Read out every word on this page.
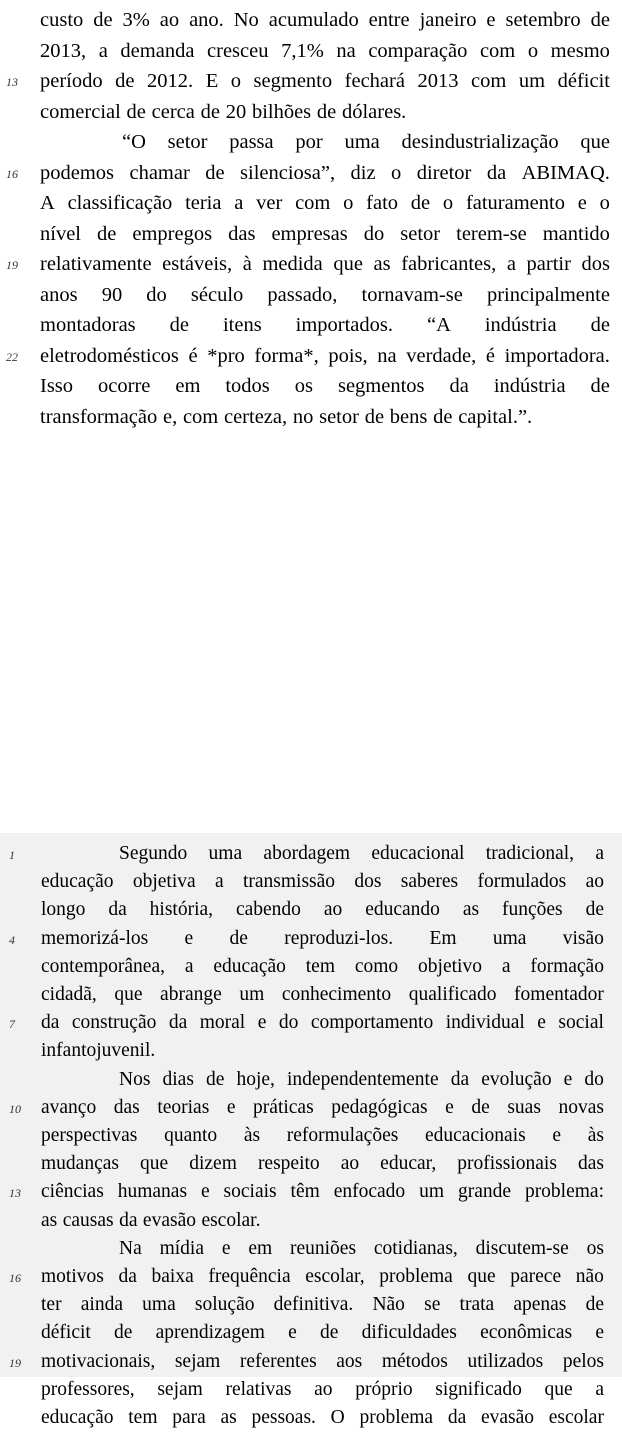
custo de 3% ao ano. No acumulado entre janeiro e setembro de
2013, a demanda cresceu 7,1% na comparação com o mesmo
período de 2012. E o segmento fechará 2013 com um déficit
comercial de cerca de 20 bilhões de dólares.
“O setor passa por uma desindustrialização que
podemos chamar de silenciosa”, diz o diretor da ABIMAQ.
A classificação teria a ver com o fato de o faturamento e o
nível de empregos das empresas do setor terem-se mantido
relativamente estáveis, à medida que as fabricantes, a partir dos
anos 90 do século passado, tornavam-se principalmente
montadoras de itens importados. “A indústria de
eletrodomésticos é *pro forma*, pois, na verdade, é importadora.
Isso ocorre em todos os segmentos da indústria de
transformação e, com certeza, no setor de bens de capital.”.
13
16
19
22
Segundo uma abordagem educacional tradicional, a
educação objetiva a transmissão dos saberes formulados ao
longo da história, cabendo ao educando as funções de
memorizá-los e de reproduzi-los. Em uma visão
contemporânea, a educação tem como objetivo a formação
cidadã, que abrange um conhecimento qualificado fomentador
da construção da moral e do comportamento individual e social
infantojuvenil.
Nos dias de hoje, independentemente da evolução e do
avanço das teorias e práticas pedagógicas e de suas novas
perspectivas quanto às reformulações educacionais e às
mudanças que dizem respeito ao educar, profissionais das
ciências humanas e sociais têm enfocado um grande problema:
as causas da evasão escolar.
Na mídia e em reuniões cotidianas, discutem-se os
motivos da baixa frequência escolar, problema que parece não
ter ainda uma solução definitiva. Não se trata apenas de
déficit de aprendizagem e de dificuldades econômicas e
motivacionais, sejam referentes aos métodos utilizados pelos
professores, sejam relativas ao próprio significado que a
educação tem para as pessoas. O problema da evasão escolar
1
4
7
10
13
16
19
